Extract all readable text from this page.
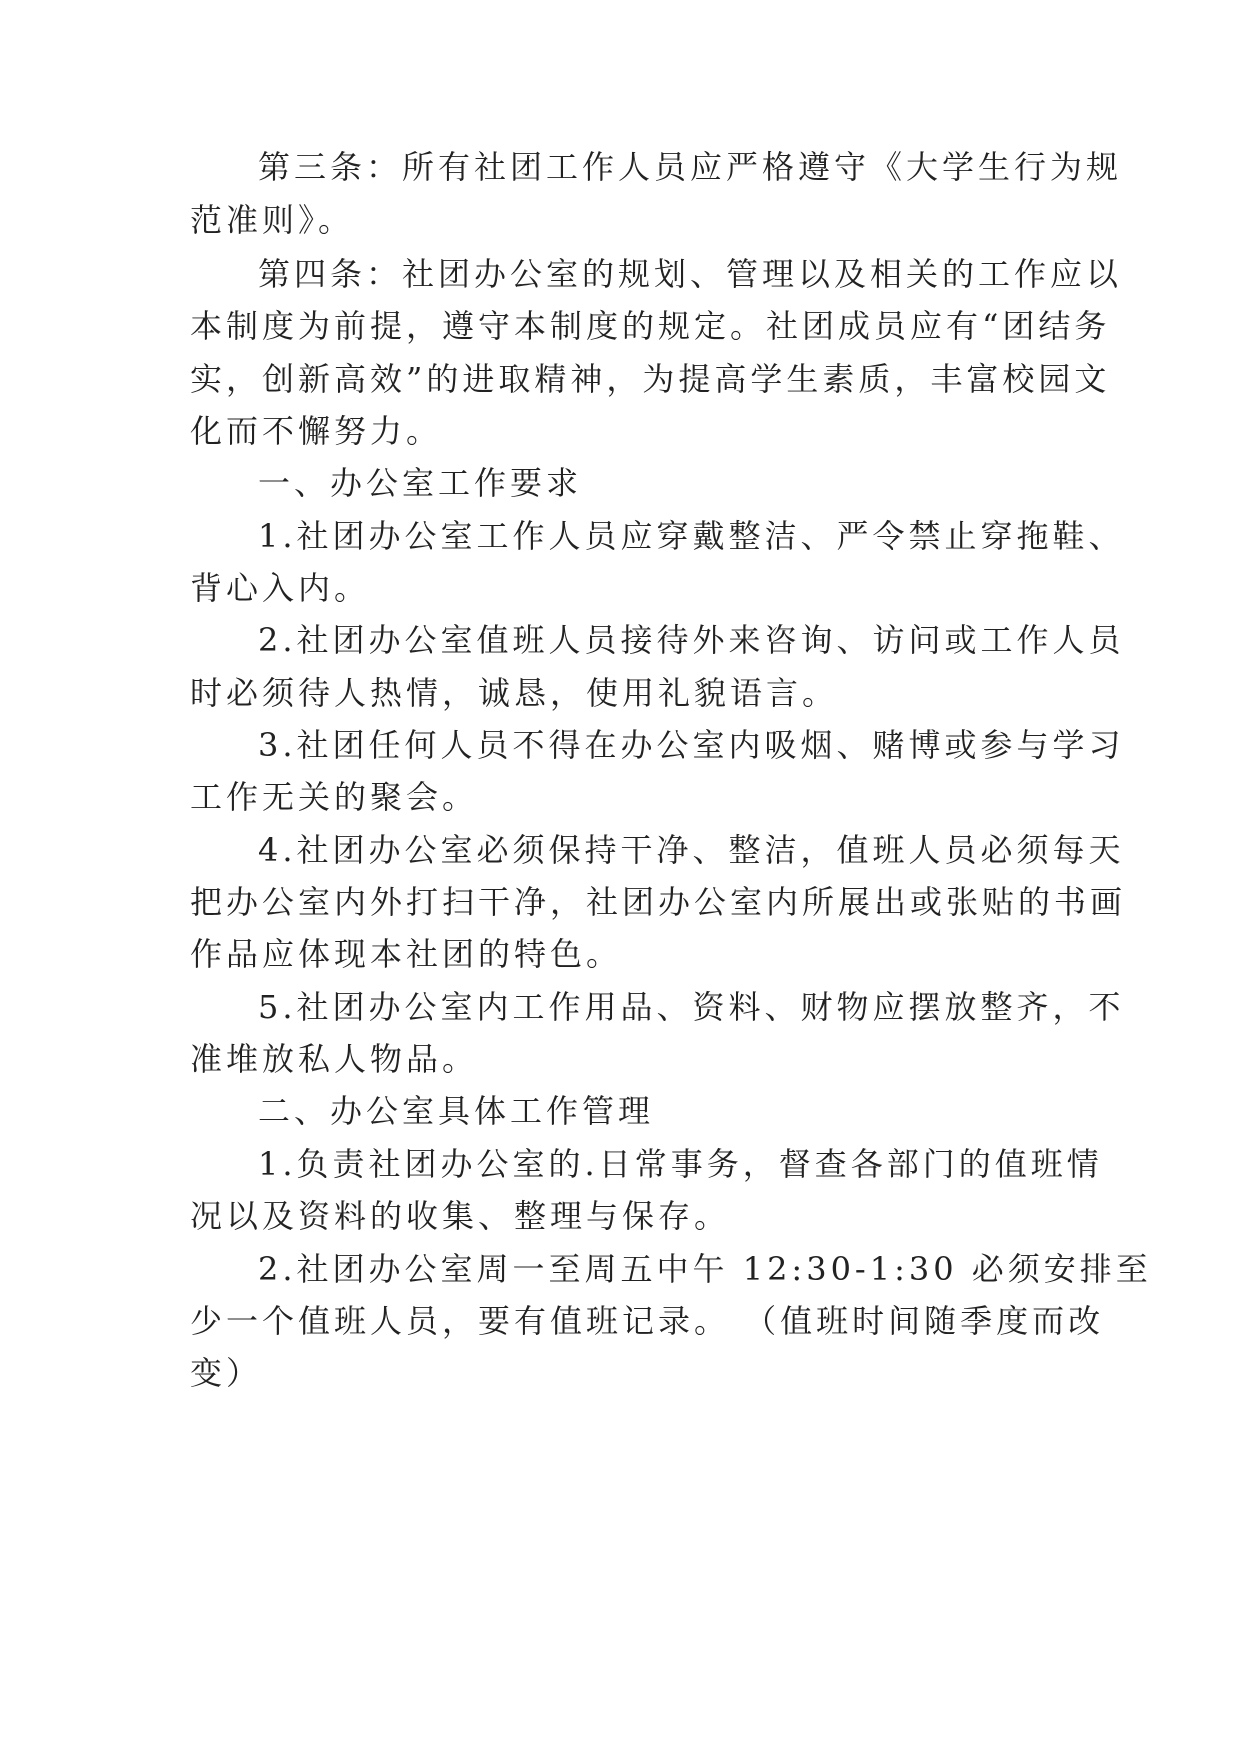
第三条：所有社团工作人员应严格遵守《大学生行为规

范准则》。

第四条：社团办公室的规划、管理以及相关的工作应以

本制度为前提，遵守本制度的规定。社团成员应有“团结务

实，创新高效”的进取精神，为提高学生素质，丰富校园文

化而不懈努力。

一、办公室工作要求

1.社团办公室工作人员应穿戴整洁、严令禁止穿拖鞋、

背心入内。

2.社团办公室值班人员接待外来咨询、访问或工作人员

时必须待人热情，诚恳，使用礼貌语言。

3.社团任何人员不得在办公室内吸烟、赌博或参与学习

工作无关的聚会。

4.社团办公室必须保持干净、整洁，值班人员必须每天

把办公室内外打扫干净，社团办公室内所展出或张贴的书画

作品应体现本社团的特色。

5.社团办公室内工作用品、资料、财物应摆放整齐，不

准堆放私人物品。

二、办公室具体工作管理

1.负责社团办公室的.日常事务，督查各部门的值班情

况以及资料的收集、整理与保存。

2.社团办公室周一至周五中午 12:30-1:30 必须安排至

少一个值班人员，要有值班记录。 （值班时间随季度而改

变）
